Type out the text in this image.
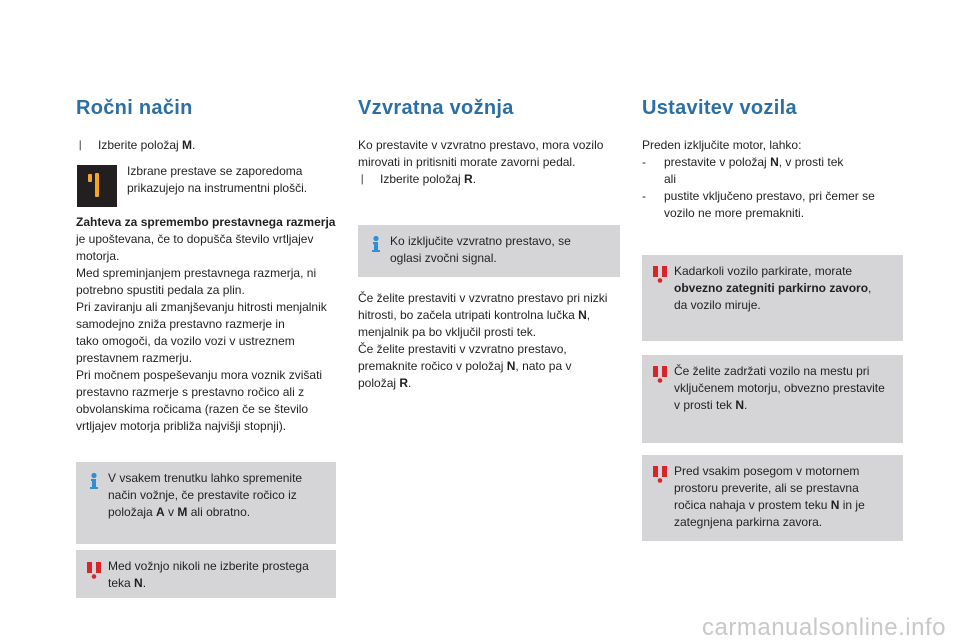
Ročni način
❘ Izberite položaj M.
Izbrane prestave se zaporedoma
prikazujejo na instrumentni plošči.
Zahteva za spremembo prestavnega razmerja
je upoštevana, če to dopušča število vrtljajev
motorja.
Med spreminjanjem prestavnega razmerja, ni
potrebno spustiti pedala za plin.
Pri zaviranju ali zmanjševanju hitrosti menjalnik
samodejno zniža prestavno razmerje in
tako omogoči, da vozilo vozi v ustreznem
prestavnem razmerju.
Pri močnem pospeševanju mora voznik zvišati
prestavno razmerje s prestavno ročico ali z
obvolanskima ročicama (razen če se število
vrtljajev motorja približa najvišji stopnji).
V vsakem trenutku lahko spremenite
način vožnje, če prestavite ročico iz
položaja A v M ali obratno.
Med vožnjo nikoli ne izberite prostega
teka N.
Vzvratna vožnja
Ko prestavite v vzvratno prestavo, mora vozilo
mirovati in pritisniti morate zavorni pedal.
❘ Izberite položaj R.
Ko izključite vzvratno prestavo, se
oglasi zvočni signal.
Če želite prestaviti v vzvratno prestavo pri nizki
hitrosti, bo začela utripati kontrolna lučka N,
menjalnik pa bo vključil prosti tek.
Če želite prestaviti v vzvratno prestavo,
premaknite ročico v položaj N, nato pa v
položaj R.
Ustavitev vozila
Preden izključite motor, lahko:
- prestavite v položaj N, v prosti tek
ali
- pustite vključeno prestavo, pri čemer se
vozilo ne more premakniti.
Kadarkoli vozilo parkirate, morate
obvezno zategniti parkirno zavoro,
da vozilo miruje.
Če želite zadržati vozilo na mestu pri
vključenem motorju, obvezno prestavite
v prosti tek N.
Pred vsakim posegom v motornem
prostoru preverite, ali se prestavna
ročica nahaja v prostem teku N in je
zategnjena parkirna zavora.
carmanualsonline.info
